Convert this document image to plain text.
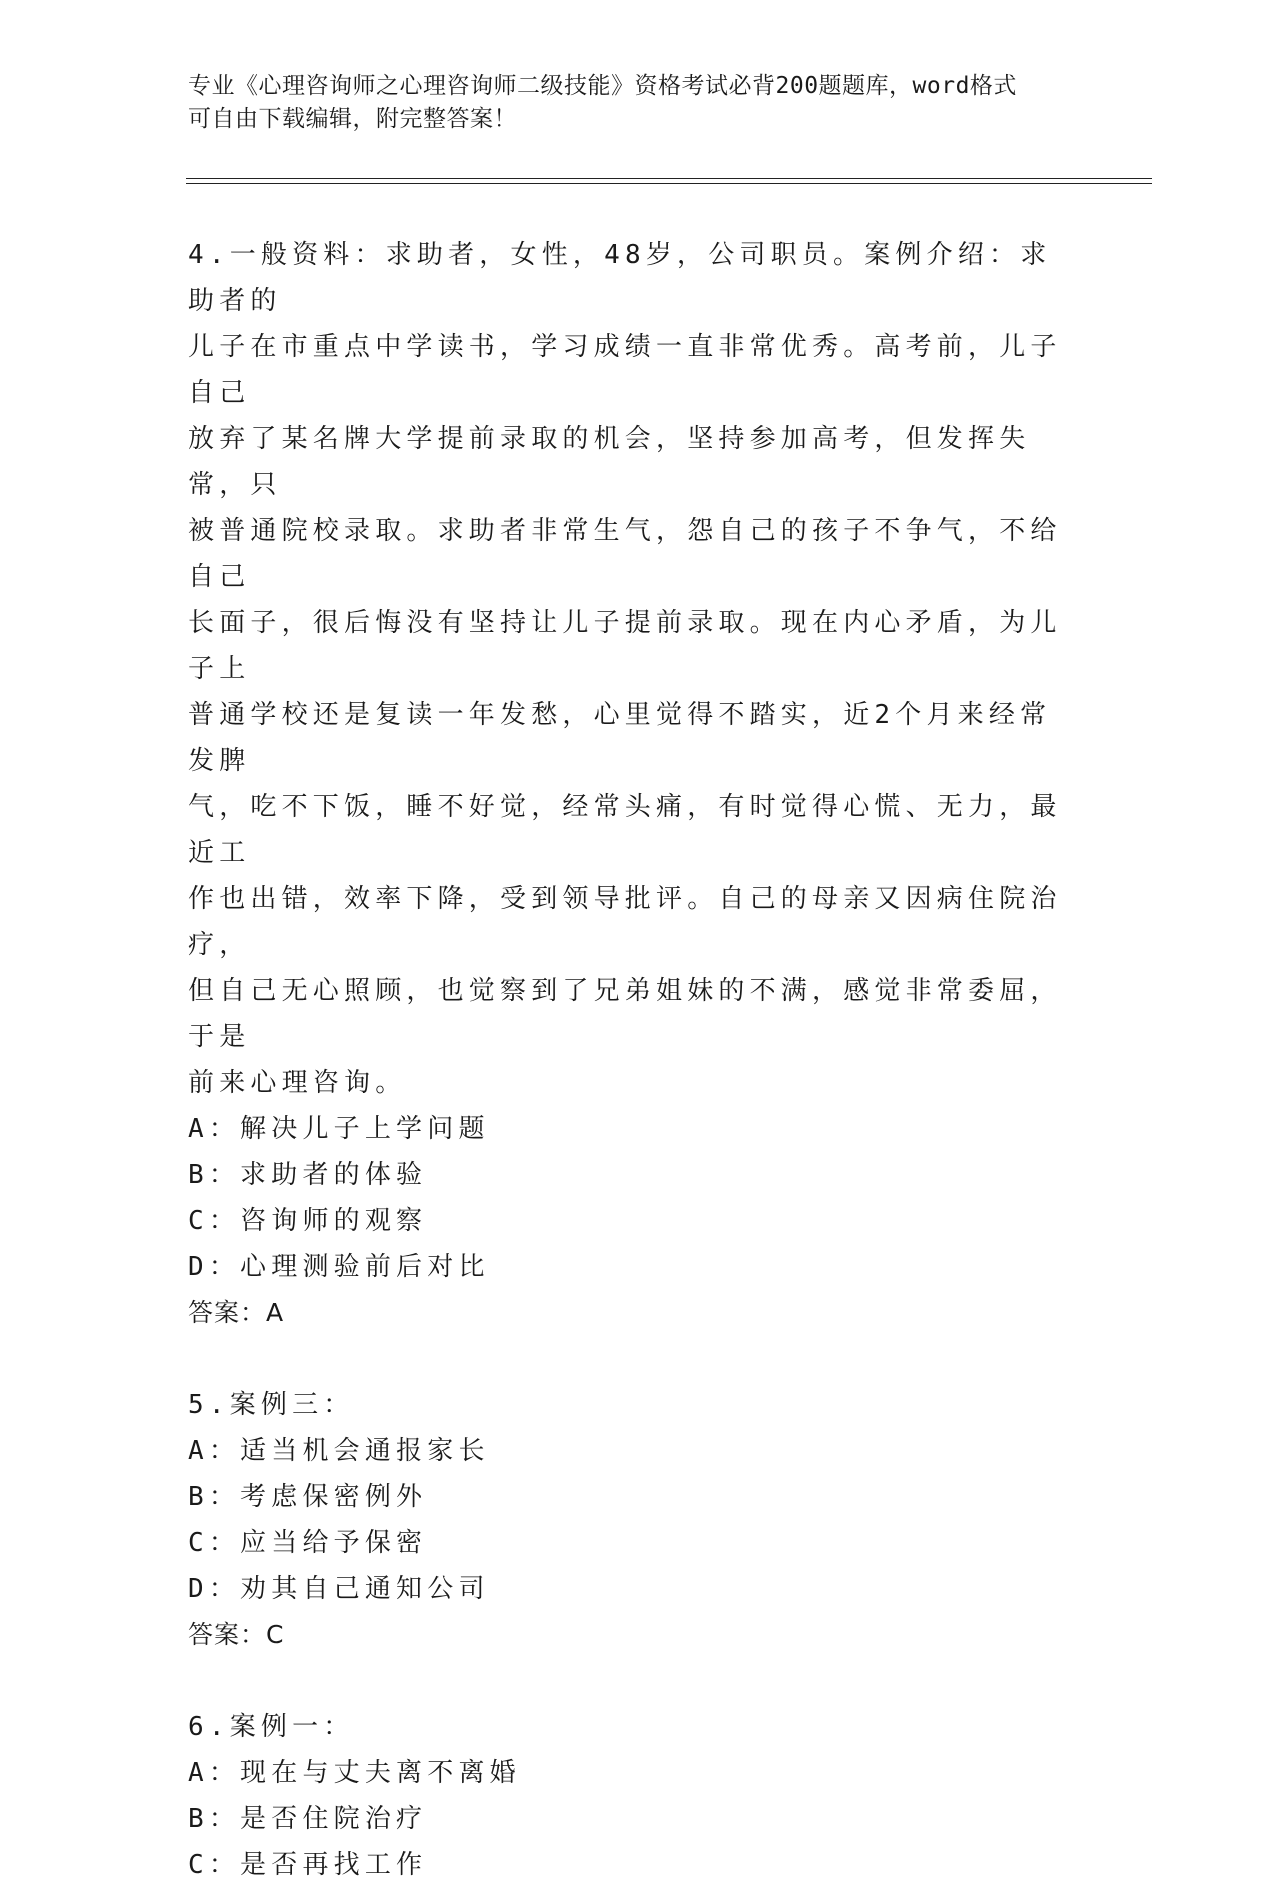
专业《心理咨询师之心理咨询师二级技能》资格考试必背200题题库，word格式
可自由下载编辑，附完整答案！

4.一般资料：求助者，女性，48岁，公司职员。案例介绍：求助者的

儿子在市重点中学读书，学习成绩一直非常优秀。高考前，儿子自己

放弃了某名牌大学提前录取的机会，坚持参加高考，但发挥失常，只

被普通院校录取。求助者非常生气，怨自己的孩子不争气，不给自己

长面子，很后悔没有坚持让儿子提前录取。现在内心矛盾，为儿子上

普通学校还是复读一年发愁，心里觉得不踏实，近2个月来经常发脾

气，吃不下饭，睡不好觉，经常头痛，有时觉得心慌、无力，最近工

作也出错，效率下降，受到领导批评。自己的母亲又因病住院治疗，

但自己无心照顾，也觉察到了兄弟姐妹的不满，感觉非常委屈，于是

前来心理咨询。

A：解决儿子上学问题

B：求助者的体验

C：咨询师的观察

D：心理测验前后对比

答案：A

5.案例三：

A：适当机会通报家长

B：考虑保密例外

C：应当给予保密

D：劝其自己通知公司

答案：C

6.案例一：

A：现在与丈夫离不离婚

B：是否住院治疗

C：是否再找工作
